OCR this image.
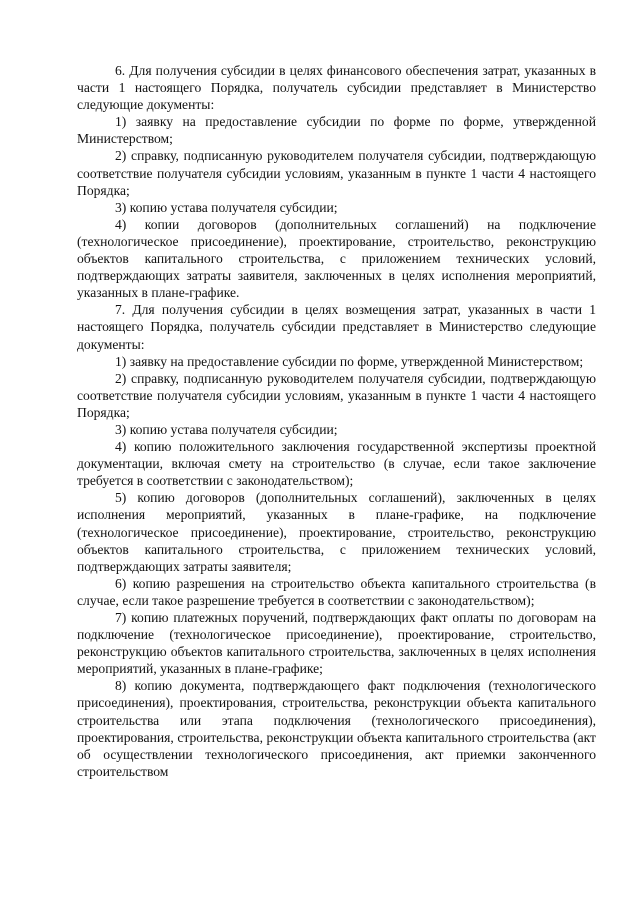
6. Для получения субсидии в целях финансового обеспечения затрат, указанных в части 1 настоящего Порядка, получатель субсидии представляет в Министерство следующие документы:

1) заявку на предоставление субсидии по форме по форме, утвержденной Министерством;

2) справку, подписанную руководителем получателя субсидии, подтверждающую соответствие получателя субсидии условиям, указанным в пункте 1 части 4 настоящего Порядка;

3) копию устава получателя субсидии;

4) копии договоров (дополнительных соглашений) на подключение (технологическое присоединение), проектирование, строительство, реконструкцию объектов капитального строительства, с приложением технических условий, подтверждающих затраты заявителя, заключенных в целях исполнения мероприятий, указанных в плане-графике.

7. Для получения субсидии в целях возмещения затрат, указанных в части 1 настоящего Порядка, получатель субсидии представляет в Министерство следующие документы:

1) заявку на предоставление субсидии по форме, утвержденной Министерством;

2) справку, подписанную руководителем получателя субсидии, подтверждающую соответствие получателя субсидии условиям, указанным в пункте 1 части 4 настоящего Порядка;

3) копию устава получателя субсидии;

4) копию положительного заключения государственной экспертизы проектной документации, включая смету на строительство (в случае, если такое заключение требуется в соответствии с законодательством);

5) копию договоров (дополнительных соглашений), заключенных в целях исполнения мероприятий, указанных в плане-графике, на подключение (технологическое присоединение), проектирование, строительство, реконструкцию объектов капитального строительства, с приложением технических условий, подтверждающих затраты заявителя;

6) копию разрешения на строительство объекта капитального строительства (в случае, если такое разрешение требуется в соответствии с законодательством);

7) копию платежных поручений, подтверждающих факт оплаты по договорам на подключение (технологическое присоединение), проектирование, строительство, реконструкцию объектов капитального строительства, заключенных в целях исполнения мероприятий, указанных в плане-графике;

8) копию документа, подтверждающего факт подключения (технологического присоединения), проектирования, строительства, реконструкции объекта капитального строительства или этапа подключения (технологического присоединения), проектирования, строительства, реконструкции объекта капитального строительства (акт об осуществлении технологического присоединения, акт приемки законченного строительством
